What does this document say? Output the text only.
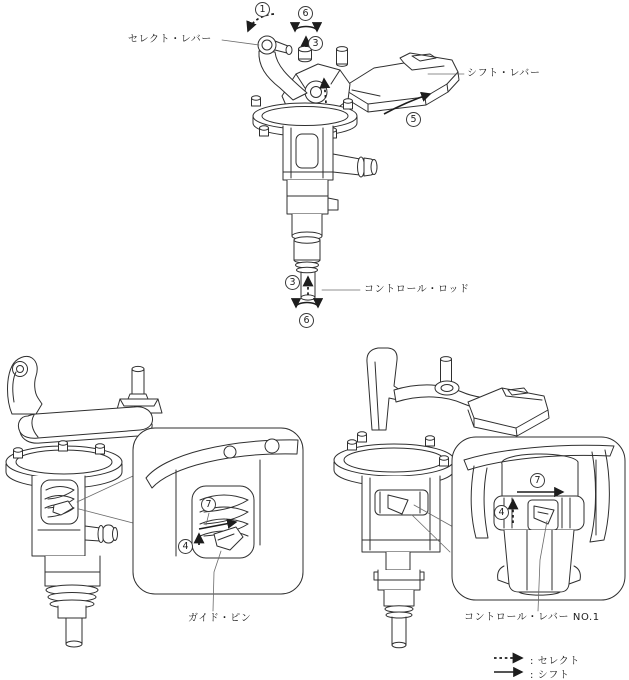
セレクト・レバー
シフト・レバー
コントロール・ロッド
ガイド・ピン	コントロール・レバー NO.1
1	6
3
5
3
6
7
4
7
4
: セレクト
: シフト
